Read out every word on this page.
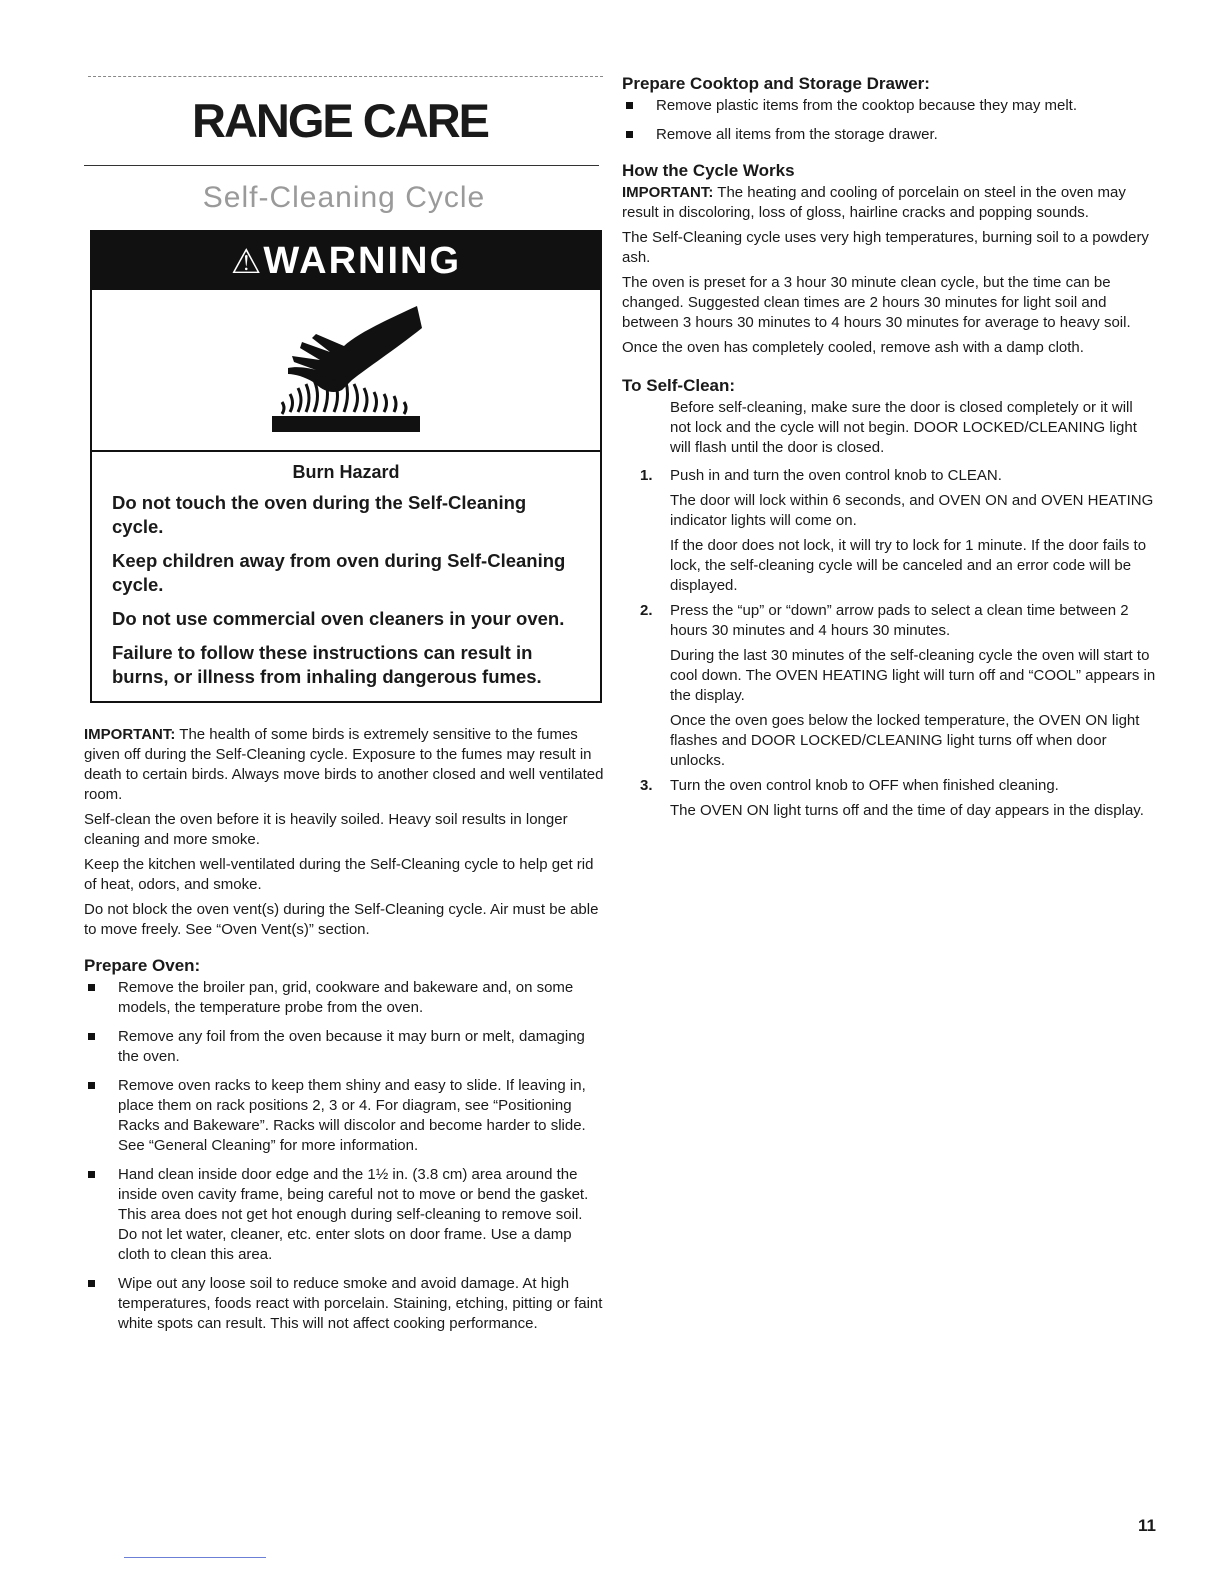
RANGE CARE
Self-Cleaning Cycle
⚠WARNING
Burn Hazard

Do not touch the oven during the Self-Cleaning cycle.

Keep children away from oven during Self-Cleaning cycle.

Do not use commercial oven cleaners in your oven.

Failure to follow these instructions can result in burns, or illness from inhaling dangerous fumes.

IMPORTANT: The health of some birds is extremely sensitive to the fumes given off during the Self-Cleaning cycle. Exposure to the fumes may result in death to certain birds. Always move birds to another closed and well ventilated room.

Self-clean the oven before it is heavily soiled. Heavy soil results in longer cleaning and more smoke.

Keep the kitchen well-ventilated during the Self-Cleaning cycle to help get rid of heat, odors, and smoke.

Do not block the oven vent(s) during the Self-Cleaning cycle. Air must be able to move freely. See “Oven Vent(s)” section.

Prepare Oven:
Remove the broiler pan, grid, cookware and bakeware and, on some models, the temperature probe from the oven.
Remove any foil from the oven because it may burn or melt, damaging the oven.
Remove oven racks to keep them shiny and easy to slide. If leaving in, place them on rack positions 2, 3 or 4. For diagram, see “Positioning Racks and Bakeware”. Racks will discolor and become harder to slide. See “General Cleaning” for more information.
Hand clean inside door edge and the 1½ in. (3.8 cm) area around the inside oven cavity frame, being careful not to move or bend the gasket. This area does not get hot enough during self-cleaning to remove soil. Do not let water, cleaner, etc. enter slots on door frame. Use a damp cloth to clean this area.
Wipe out any loose soil to reduce smoke and avoid damage. At high temperatures, foods react with porcelain. Staining, etching, pitting or faint white spots can result. This will not affect cooking performance.
Prepare Cooktop and Storage Drawer:
Remove plastic items from the cooktop because they may melt.
Remove all items from the storage drawer.
How the Cycle Works

IMPORTANT: The heating and cooling of porcelain on steel in the oven may result in discoloring, loss of gloss, hairline cracks and popping sounds.

The Self-Cleaning cycle uses very high temperatures, burning soil to a powdery ash.

The oven is preset for a 3 hour 30 minute clean cycle, but the time can be changed. Suggested clean times are 2 hours 30 minutes for light soil and between 3 hours 30 minutes to 4 hours 30 minutes for average to heavy soil.

Once the oven has completely cooled, remove ash with a damp cloth.

To Self-Clean:

Before self-cleaning, make sure the door is closed completely or it will not lock and the cycle will not begin. DOOR LOCKED/CLEANING light will flash until the door is closed.

1. Push in and turn the oven control knob to CLEAN.

The door will lock within 6 seconds, and OVEN ON and OVEN HEATING indicator lights will come on.

If the door does not lock, it will try to lock for 1 minute. If the door fails to lock, the self-cleaning cycle will be canceled and an error code will be displayed.

2. Press the “up” or “down” arrow pads to select a clean time between 2 hours 30 minutes and 4 hours 30 minutes.

During the last 30 minutes of the self-cleaning cycle the oven will start to cool down. The OVEN HEATING light will turn off and “COOL” appears in the display.

Once the oven goes below the locked temperature, the OVEN ON light flashes and DOOR LOCKED/CLEANING light turns off when door unlocks.

3. Turn the oven control knob to OFF when finished cleaning.

The OVEN ON light turns off and the time of day appears in the display.

11
